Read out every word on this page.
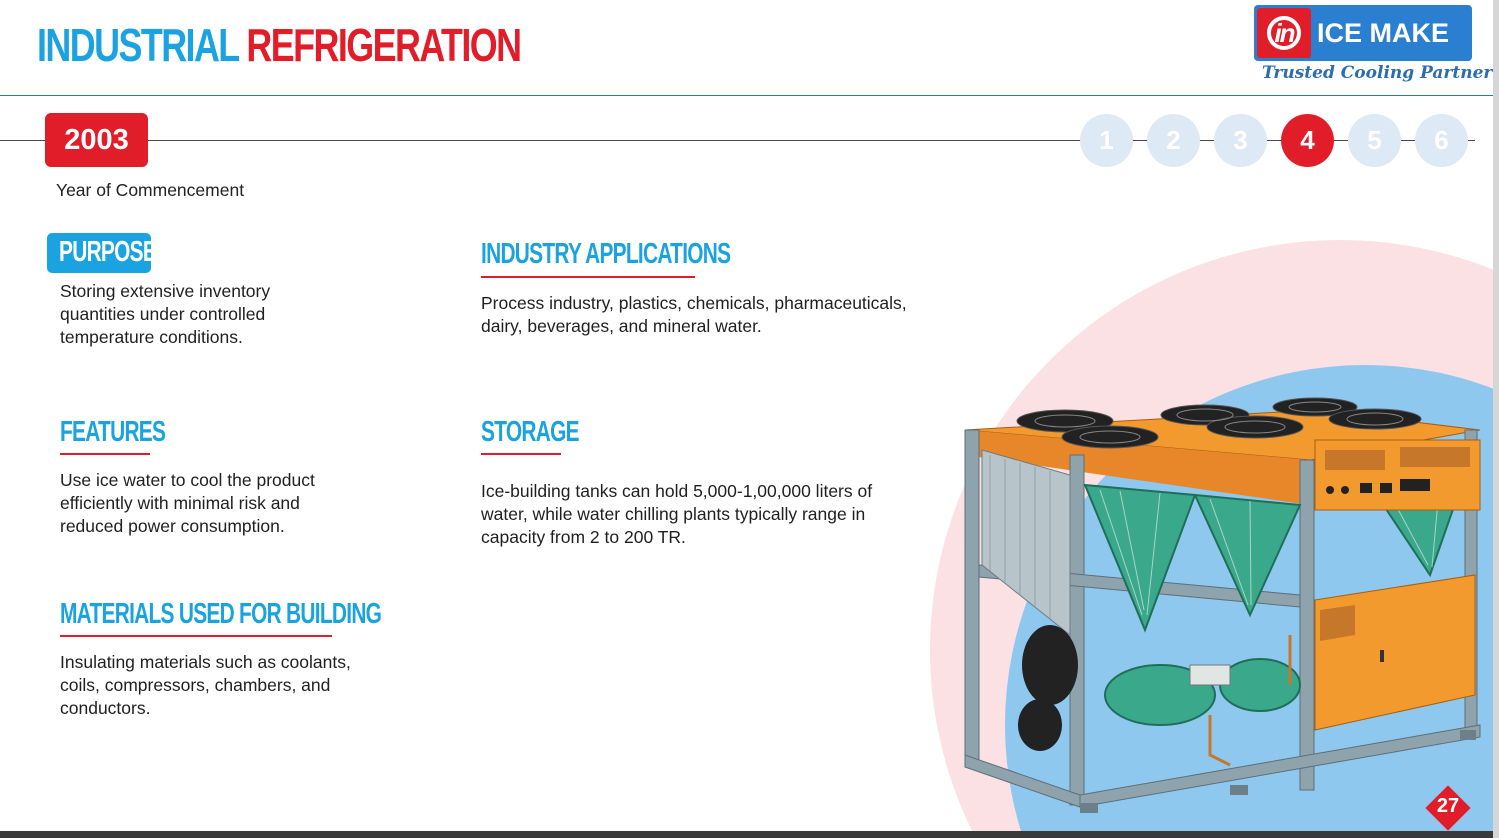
INDUSTRIAL REFRIGERATION	in ICE MAKE
Trusted Cooling Partner
2003
Year of Commencement
1	2	3	4	5	6
PURPOSE
Storing extensive inventory
quantities under controlled
temperature conditions.
INDUSTRY APPLICATIONS
Process industry, plastics, chemicals, pharmaceuticals,
dairy, beverages, and mineral water.
FEATURES
Use ice water to cool the product
efficiently with minimal risk and
reduced power consumption.
STORAGE
Ice-building tanks can hold 5,000-1,00,000 liters of
water, while water chilling plants typically range in
capacity from 2 to 200 TR.
MATERIALS USED FOR BUILDING
Insulating materials such as coolants,
coils, compressors, chambers, and
conductors.
27
